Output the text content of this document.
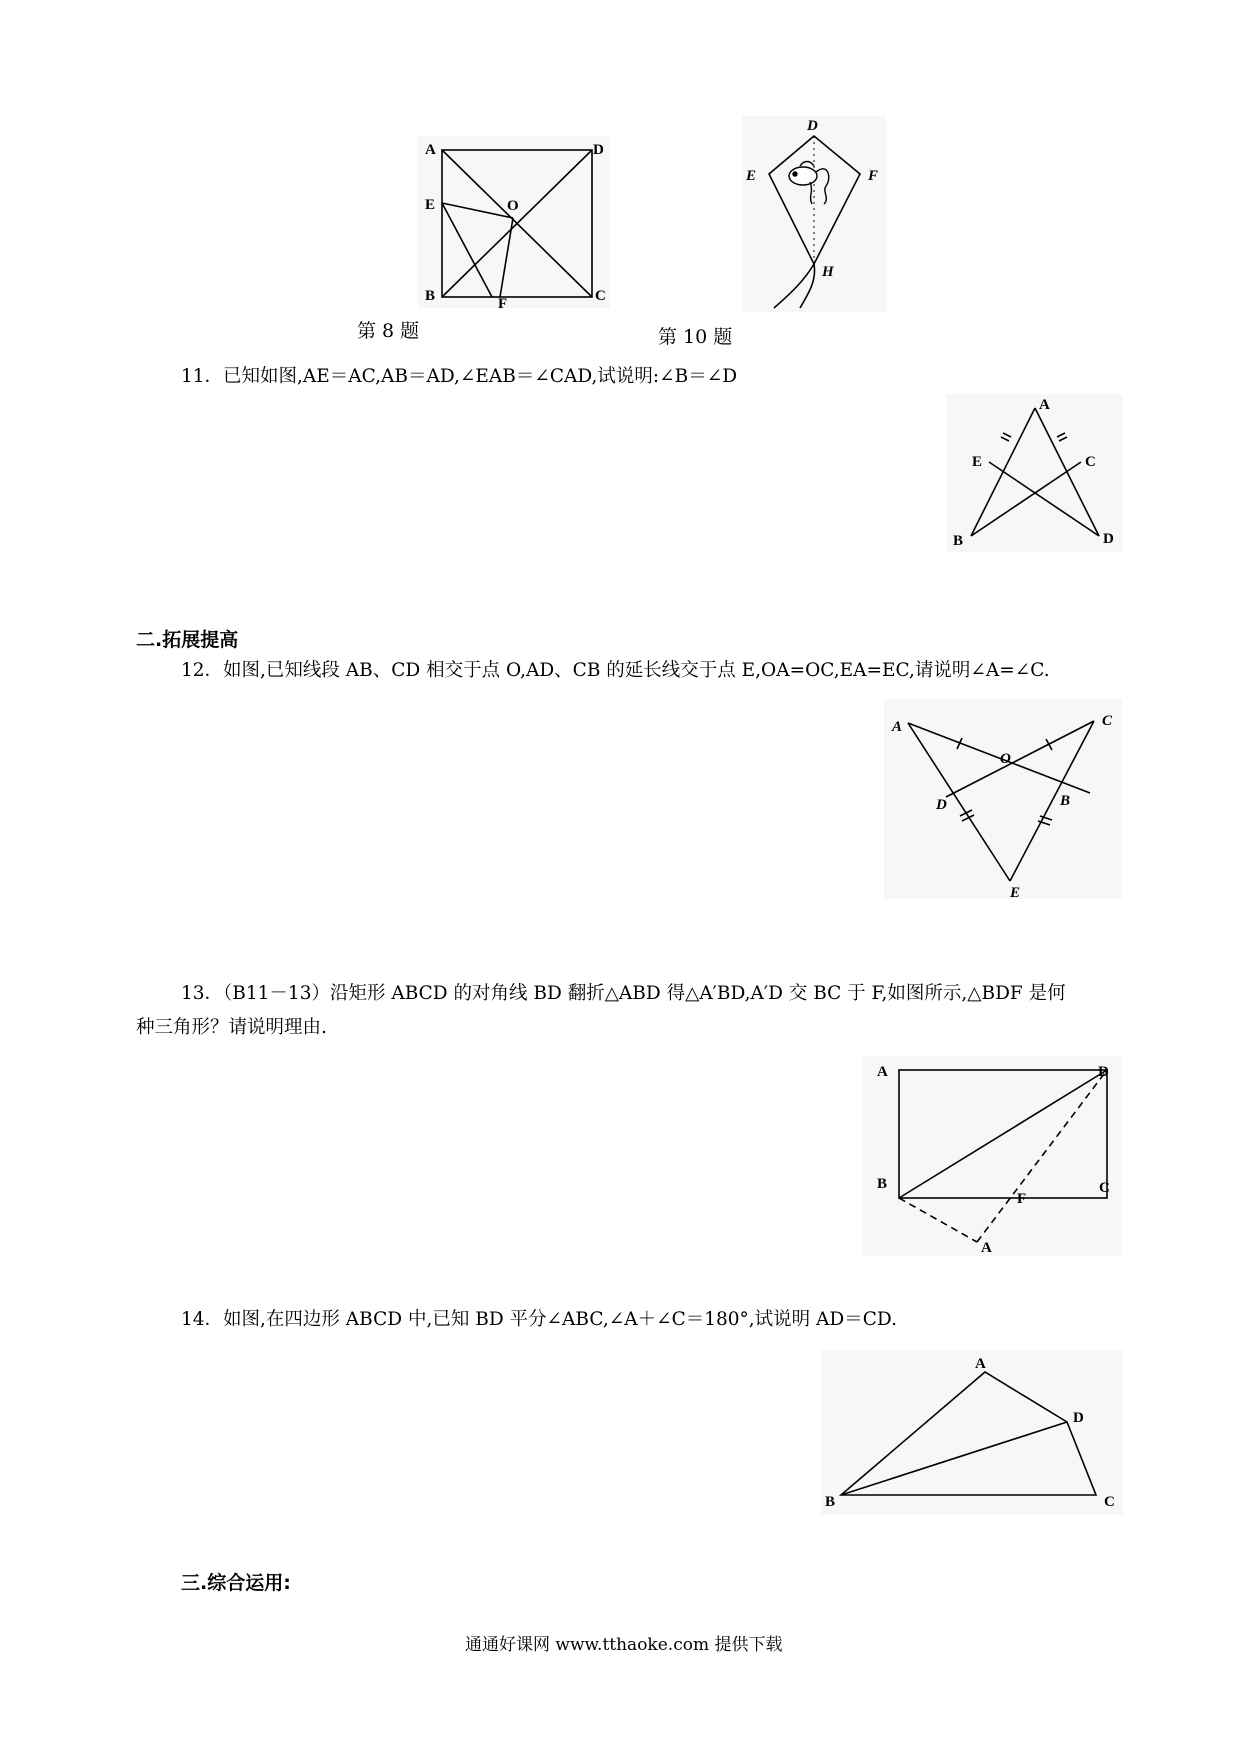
A	D
E	O
B	F	C
第 8 题
D
E	F
H
第 10 题
11．已知如图,AE＝AC,AB＝AD,∠EAB＝∠CAD,试说明:∠B＝∠D
A
E	C
B	D
二.拓展提高
12．如图,已知线段 AB、CD 相交于点 O,AD、CB 的延长线交于点 E,OA=OC,EA=EC,请说明∠A=∠C.
A	C
O
D	B
E
13．（B11－13）沿矩形 ABCD 的对角线 BD 翻折△ABD 得△A′BD,A′D 交 BC 于 F,如图所示,△BDF 是何
种三角形？请说明理由.
A	D
B	C
F
A
14．如图,在四边形 ABCD 中,已知 BD 平分∠ABC,∠A＋∠C＝180°,试说明 AD＝CD.
A
D
B	C
三.综合运用:
通通好课网 www.tthaoke.com 提供下载
